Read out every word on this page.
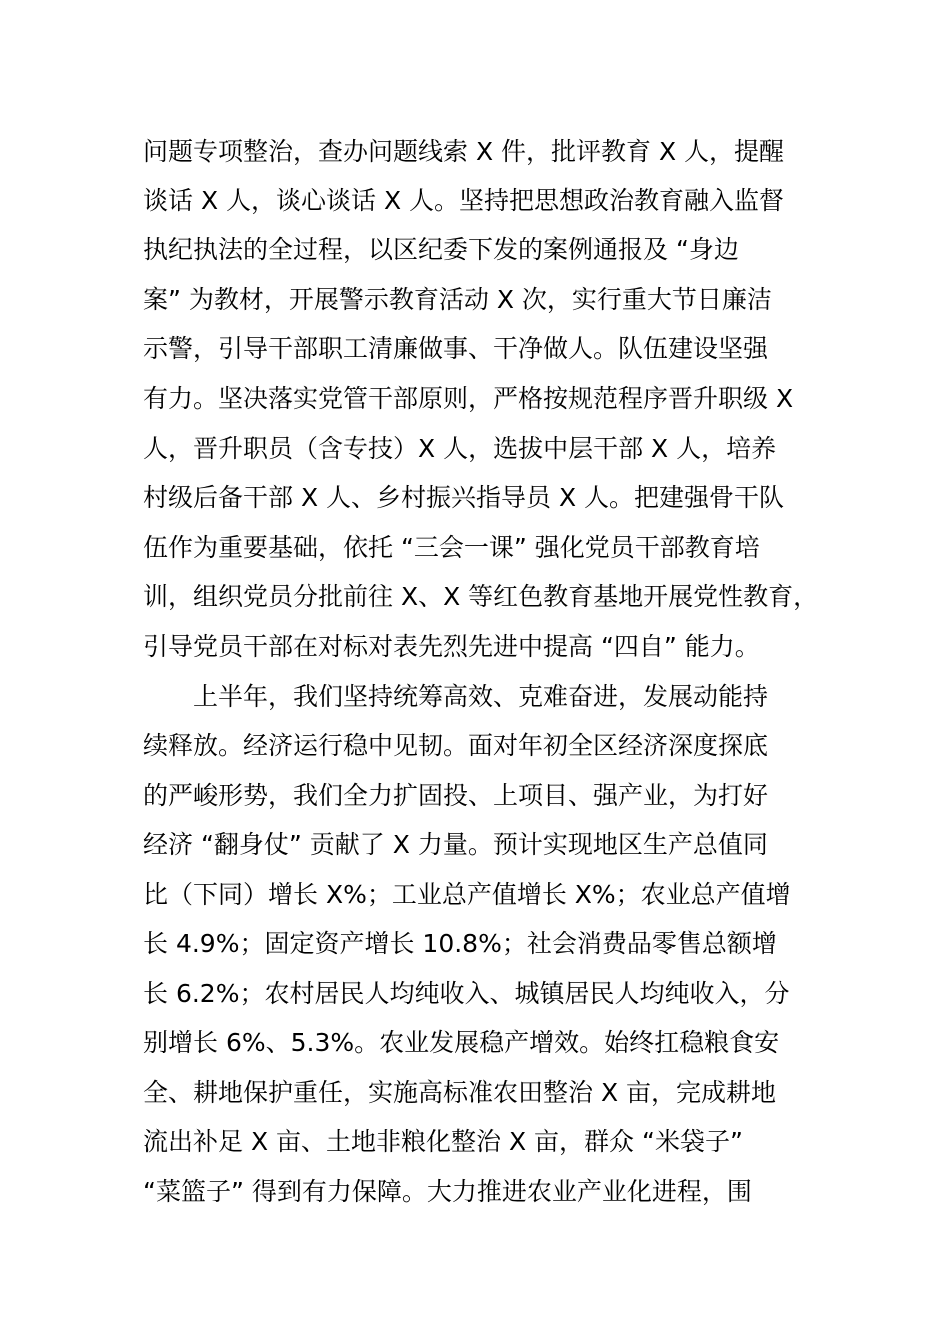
问题专项整治，查办问题线索 X 件，批评教育 X 人，提醒

谈话 X 人，谈心谈话 X 人。坚持把思想政治教育融入监督

执纪执法的全过程，以区纪委下发的案例通报及 “身边

案” 为教材，开展警示教育活动 X 次，实行重大节日廉洁

示警，引导干部职工清廉做事、干净做人。队伍建设坚强

有力。坚决落实党管干部原则，严格按规范程序晋升职级 X

人，晋升职员（含专技）X 人，选拔中层干部 X 人，培养

村级后备干部 X 人、乡村振兴指导员 X 人。把建强骨干队

伍作为重要基础，依托 “三会一课” 强化党员干部教育培

训，组织党员分批前往 X、X 等红色教育基地开展党性教育，

引导党员干部在对标对表先烈先进中提高 “四自” 能力。

上半年，我们坚持统筹高效、克难奋进，发展动能持

续释放。经济运行稳中见韧。面对年初全区经济深度探底

的严峻形势，我们全力扩固投、上项目、强产业，为打好

经济 “翻身仗” 贡献了 X 力量。预计实现地区生产总值同

比（下同）增长 X%；工业总产值增长 X%；农业总产值增

长 4.9%；固定资产增长 10.8%；社会消费品零售总额增

长 6.2%；农村居民人均纯收入、城镇居民人均纯收入，分

别增长 6%、5.3%。农业发展稳产增效。始终扛稳粮食安

全、耕地保护重任，实施高标准农田整治 X 亩，完成耕地

流出补足 X 亩、土地非粮化整治 X 亩，群众 “米袋子”

“菜篮子” 得到有力保障。大力推进农业产业化进程，围
